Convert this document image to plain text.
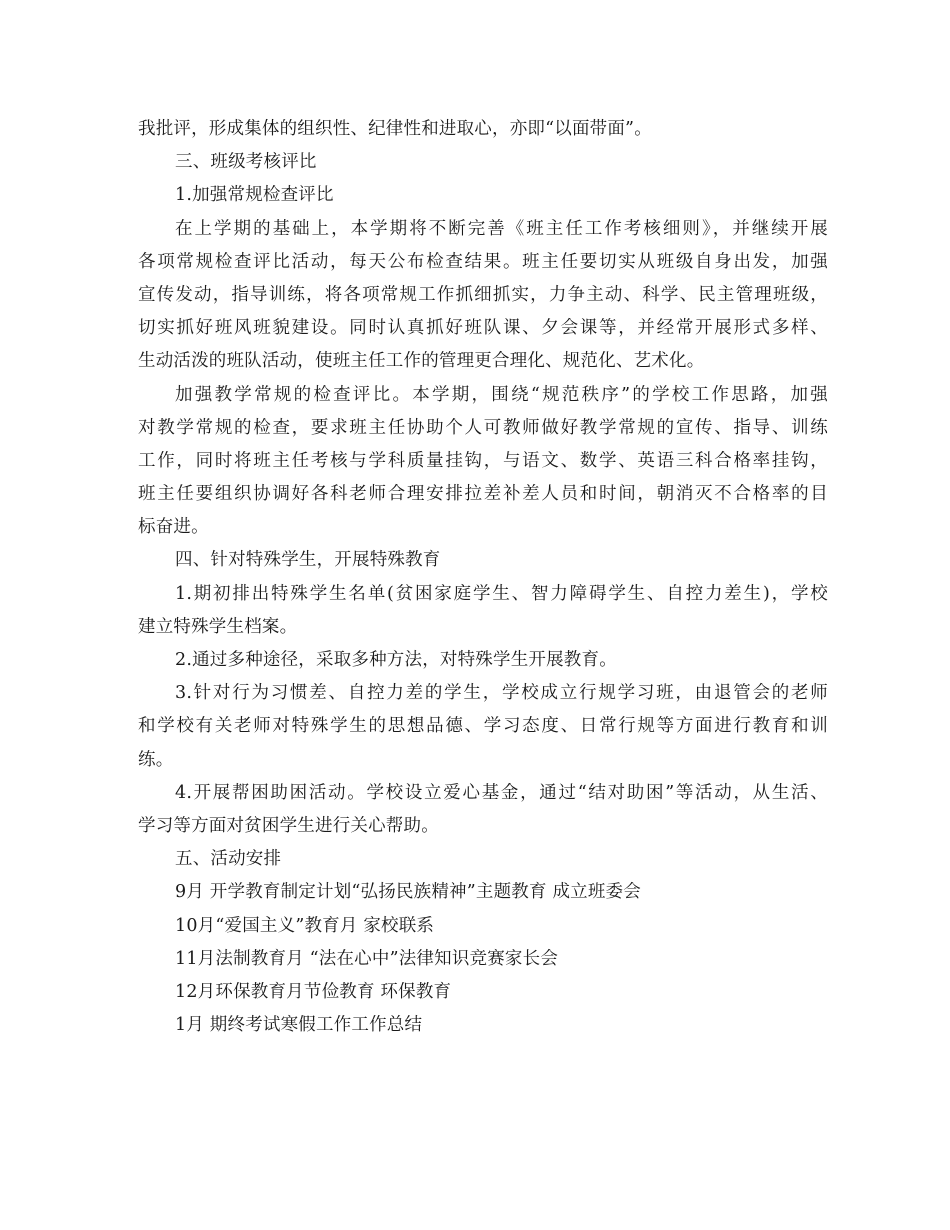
我批评，形成集体的组织性、纪律性和进取心，亦即“以面带面”。
三、班级考核评比
1.加强常规检查评比
在上学期的基础上，本学期将不断完善《班主任工作考核细则》，并继续开展
各项常规检查评比活动，每天公布检查结果。班主任要切实从班级自身出发，加强
宣传发动，指导训练，将各项常规工作抓细抓实，力争主动、科学、民主管理班级，
切实抓好班风班貌建设。同时认真抓好班队课、夕会课等，并经常开展形式多样、
生动活泼的班队活动，使班主任工作的管理更合理化、规范化、艺术化。
加强教学常规的检查评比。本学期，围绕“规范秩序”的学校工作思路，加强
对教学常规的检查，要求班主任协助个人可教师做好教学常规的宣传、指导、训练
工作，同时将班主任考核与学科质量挂钩，与语文、数学、英语三科合格率挂钩，
班主任要组织协调好各科老师合理安排拉差补差人员和时间，朝消灭不合格率的目
标奋进。
四、针对特殊学生，开展特殊教育
1.期初排出特殊学生名单(贫困家庭学生、智力障碍学生、自控力差生)，学校
建立特殊学生档案。
2.通过多种途径，采取多种方法，对特殊学生开展教育。
3.针对行为习惯差、自控力差的学生，学校成立行规学习班，由退管会的老师
和学校有关老师对特殊学生的思想品德、学习态度、日常行规等方面进行教育和训
练。
4.开展帮困助困活动。学校设立爱心基金，通过“结对助困”等活动，从生活、
学习等方面对贫困学生进行关心帮助。
五、活动安排
9月 开学教育制定计划“弘扬民族精神”主题教育 成立班委会
10月“爱国主义”教育月 家校联系
11月法制教育月 “法在心中”法律知识竞赛家长会
12月环保教育月节俭教育 环保教育
1月 期终考试寒假工作工作总结
